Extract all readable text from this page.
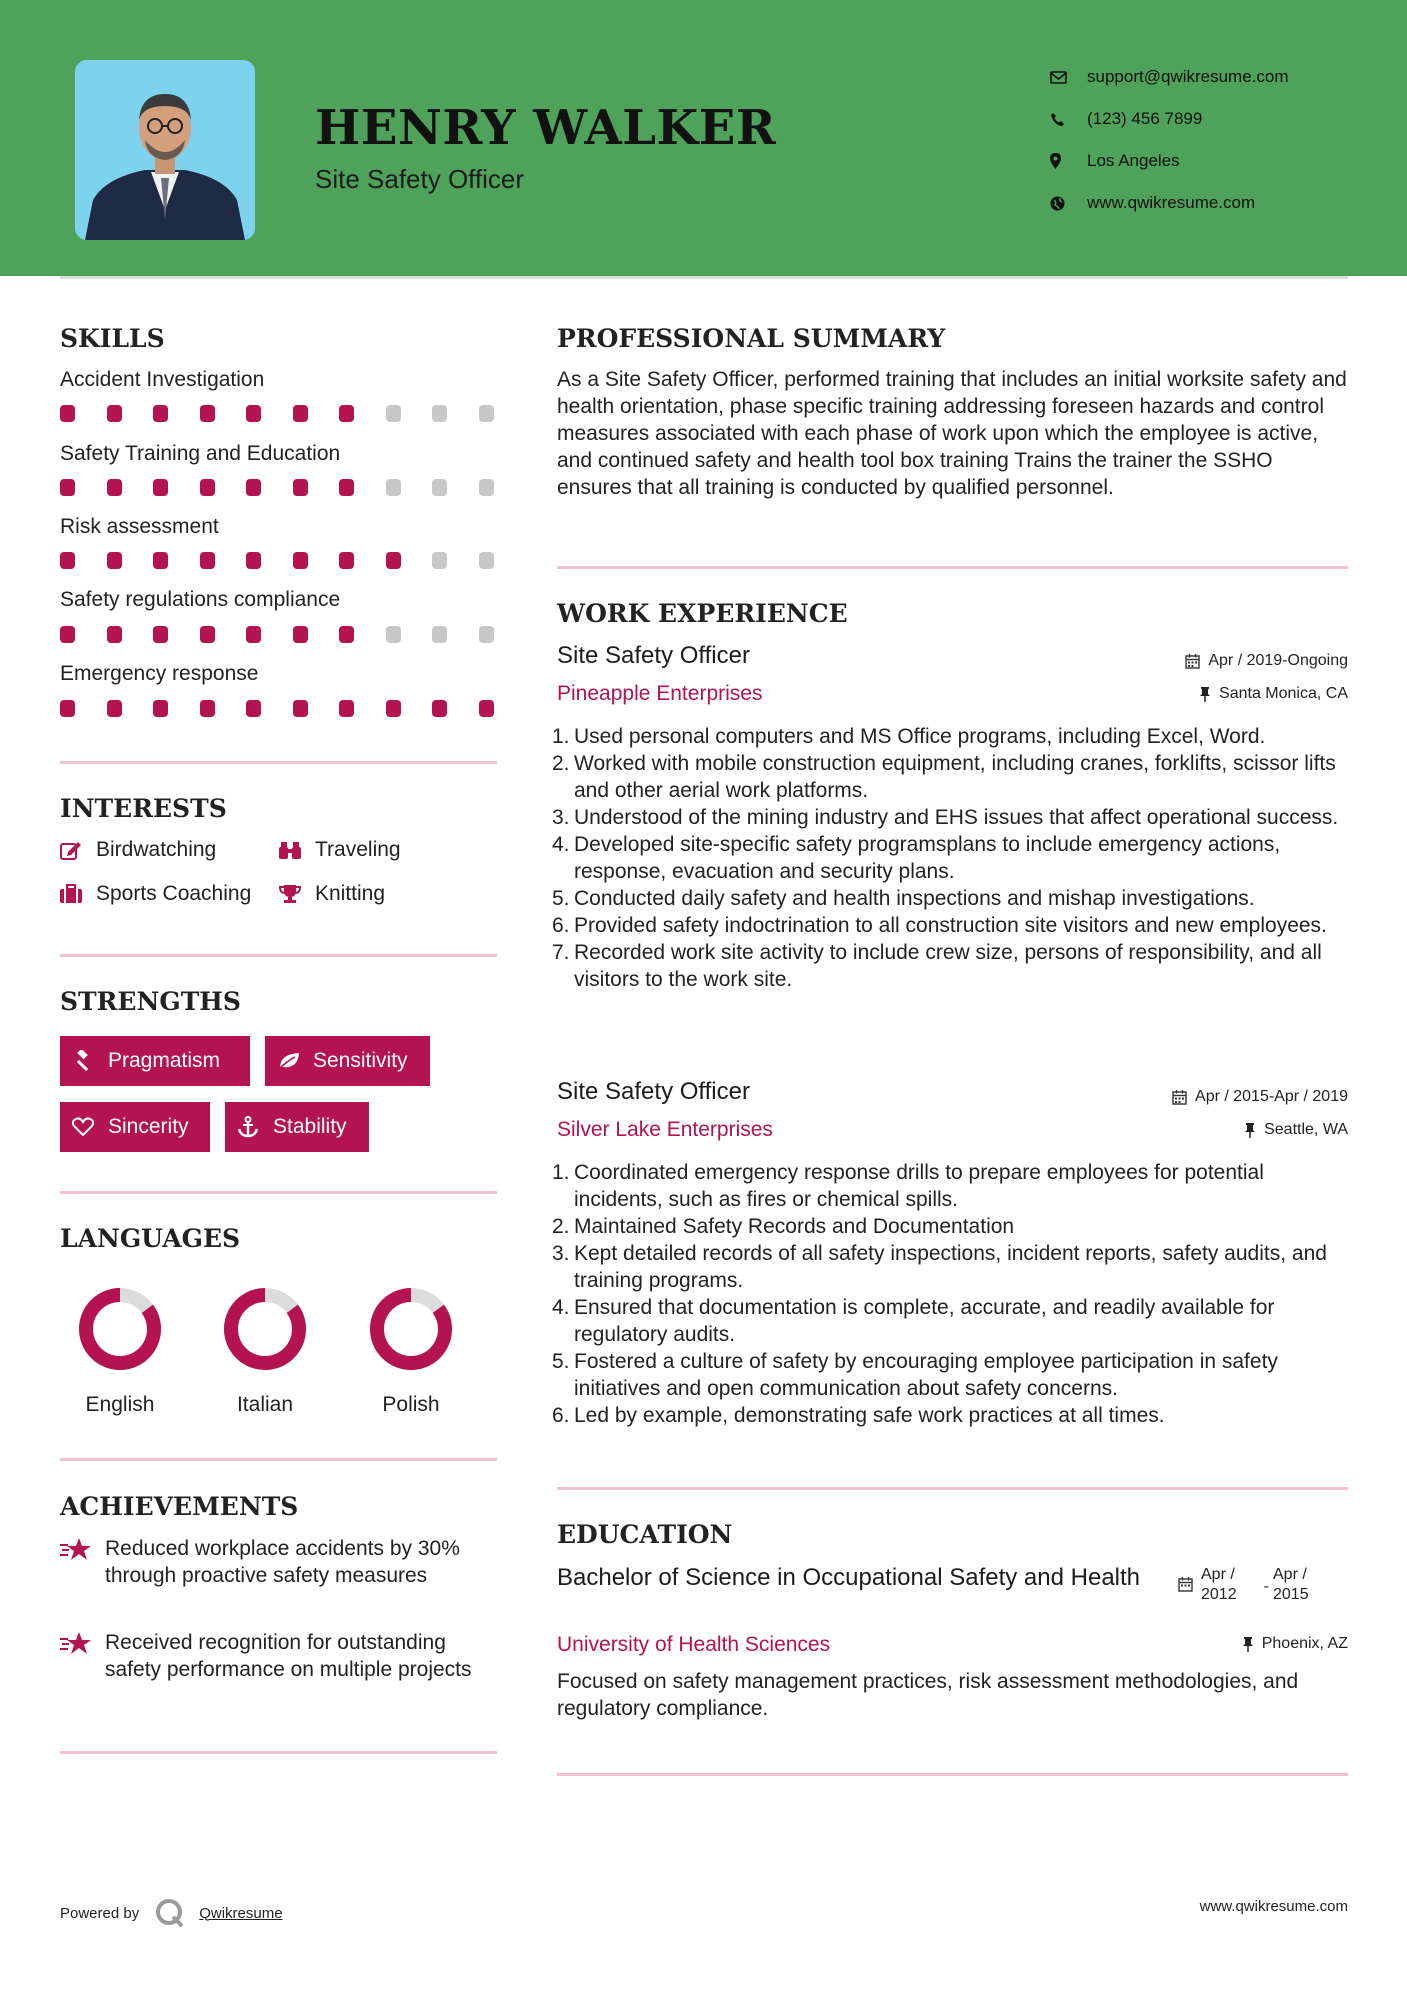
HENRY WALKER
Site Safety Officer
support@qwikresume.com
(123) 456 7899
Los Angeles
www.qwikresume.com
SKILLS
Accident Investigation
Safety Training and Education
Risk assessment
Safety regulations compliance
Emergency response
INTERESTS
Birdwatching	Traveling
Sports Coaching	Knitting
STRENGTHS
Pragmatism	Sensitivity
Sincerity	Stability
LANGUAGES
English	Italian	Polish
ACHIEVEMENTS
Reduced workplace accidents by 30% through proactive safety measures
Received recognition for outstanding safety performance on multiple projects
PROFESSIONAL SUMMARY
As a Site Safety Officer, performed training that includes an initial worksite safety and health orientation, phase specific training addressing foreseen hazards and control measures associated with each phase of work upon which the employee is active, and continued safety and health tool box training Trains the trainer the SSHO ensures that all training is conducted by qualified personnel.
WORK EXPERIENCE
Site Safety Officer	Apr / 2019-Ongoing
Pineapple Enterprises	Santa Monica, CA
1. Used personal computers and MS Office programs, including Excel, Word.
2. Worked with mobile construction equipment, including cranes, forklifts, scissor lifts and other aerial work platforms.
3. Understood of the mining industry and EHS issues that affect operational success.
4. Developed site-specific safety programsplans to include emergency actions, response, evacuation and security plans.
5. Conducted daily safety and health inspections and mishap investigations.
6. Provided safety indoctrination to all construction site visitors and new employees.
7. Recorded work site activity to include crew size, persons of responsibility, and all visitors to the work site.
Site Safety Officer	Apr / 2015-Apr / 2019
Silver Lake Enterprises	Seattle, WA
1. Coordinated emergency response drills to prepare employees for potential incidents, such as fires or chemical spills.
2. Maintained Safety Records and Documentation
3. Kept detailed records of all safety inspections, incident reports, safety audits, and training programs.
4. Ensured that documentation is complete, accurate, and readily available for regulatory audits.
5. Fostered a culture of safety by encouraging employee participation in safety initiatives and open communication about safety concerns.
6. Led by example, demonstrating safe work practices at all times.
EDUCATION
Bachelor of Science in Occupational Safety and Health	Apr / 2012	-
Apr / 2015
University of Health Sciences	Phoenix, AZ
Focused on safety management practices, risk assessment methodologies, and regulatory compliance.
Powered by	Qwikresume	www.qwikresume.com
